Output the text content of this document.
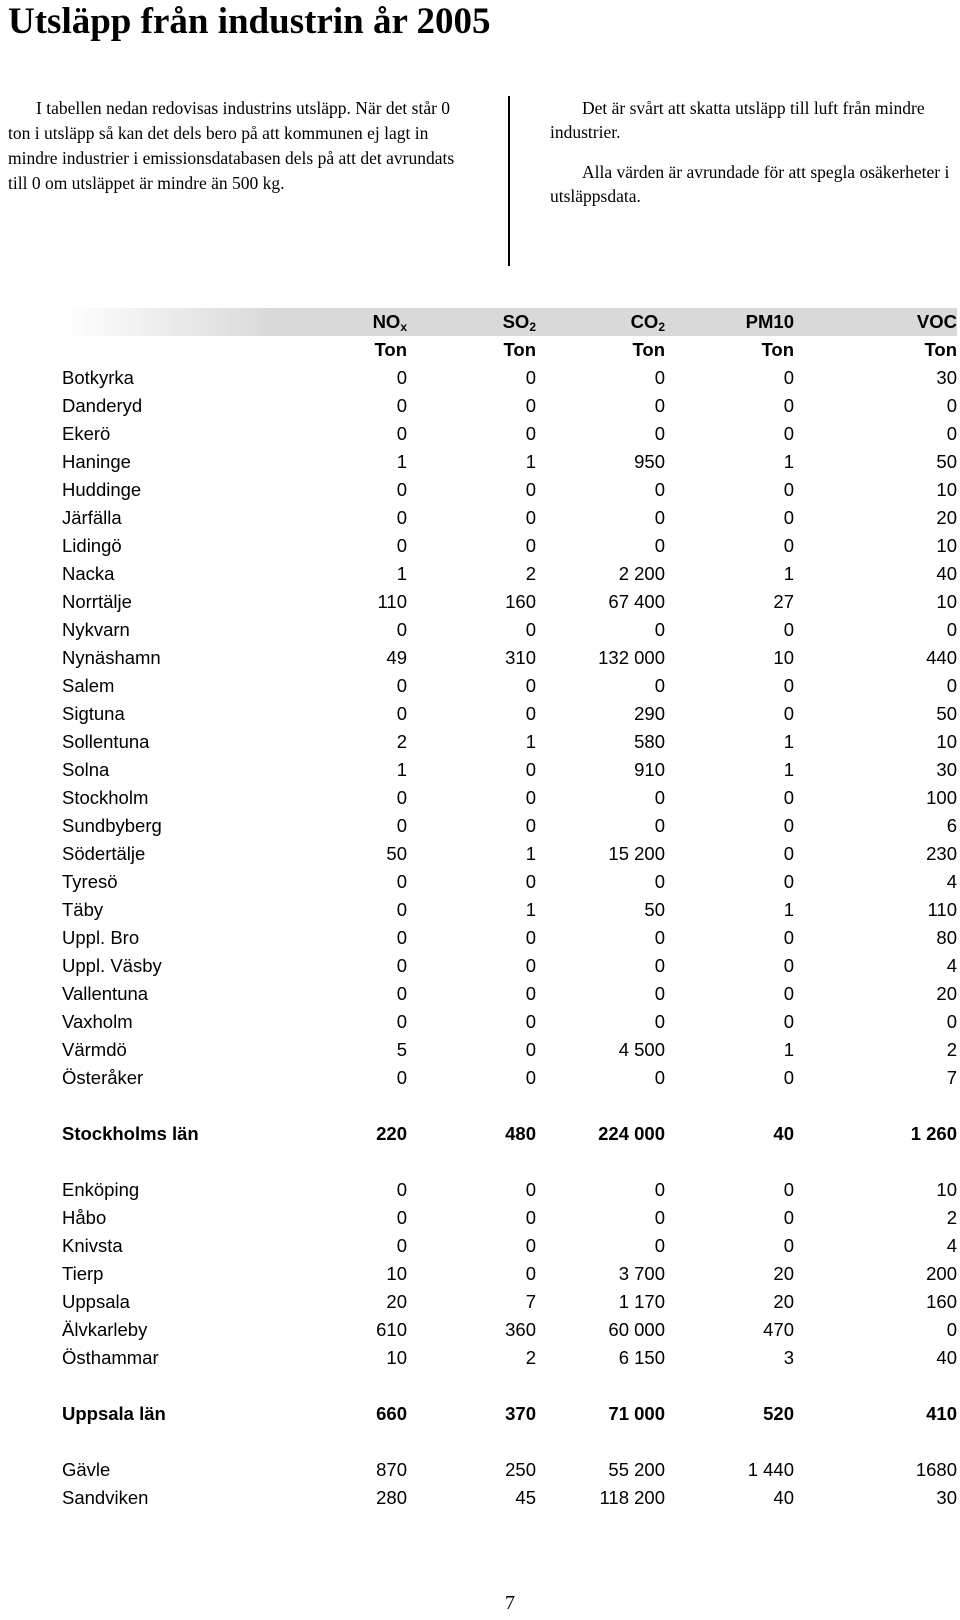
Utsläpp från industrin år 2005

I tabellen nedan redovisas industrins utsläpp. När det står 0 ton i utsläpp så kan det dels bero på att kommunen ej lagt in mindre industrier i emissionsdatabasen dels på att det avrundats till 0 om utsläppet är mindre än 500 kg.

Det är svårt att skatta utsläpp till luft från mindre industrier.

Alla värden är avrundade för att spegla osäkerheter i utsläppsdata.

	$NO_x$	$SO_2$	$CO_2$	PM10	VOC
	Ton	Ton	Ton	Ton	Ton
Botkyrka	0	0	0	0	30
Danderyd	0	0	0	0	0
Ekerö	0	0	0	0	0
Haninge	1	1	950	1	50
Huddinge	0	0	0	0	10
Järfälla	0	0	0	0	20
Lidingö	0	0	0	0	10
Nacka	1	2	2 200	1	40
Norrtälje	110	160	67 400	27	10
Nykvarn	0	0	0	0	0
Nynäshamn	49	310	132 000	10	440
Salem	0	0	0	0	0
Sigtuna	0	0	290	0	50
Sollentuna	2	1	580	1	10
Solna	1	0	910	1	30
Stockholm	0	0	0	0	100
Sundbyberg	0	0	0	0	6
Södertälje	50	1	15 200	0	230
Tyresö	0	0	0	0	4
Täby	0	1	50	1	110
Uppl. Bro	0	0	0	0	80
Uppl. Väsby	0	0	0	0	4
Vallentuna	0	0	0	0	20
Vaxholm	0	0	0	0	0
Värmdö	5	0	4 500	1	2
Österåker	0	0	0	0	7

Stockholms län	220	480	224 000	40	1 260

Enköping	0	0	0	0	10
Håbo	0	0	0	0	2
Knivsta	0	0	0	0	4
Tierp	10	0	3 700	20	200
Uppsala	20	7	1 170	20	160
Älvkarleby	610	360	60 000	470	0
Östhammar	10	2	6 150	3	40

Uppsala län	660	370	71 000	520	410

Gävle	870	250	55 200	1 440	1680
Sandviken	280	45	118 200	40	30
7
